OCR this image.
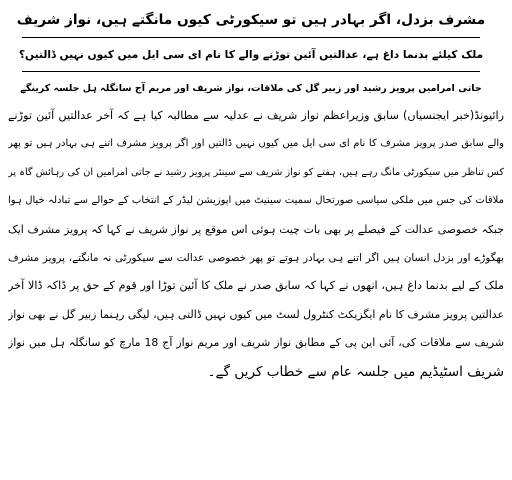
مشرف بزدل، اگر بہادر ہیں تو سیکورٹی کیوں مانگتے ہیں، نواز شریف
ملک کیلئے بدنما داغ ہے، عدالتیں آئین توڑنے والے کا نام ای سی ایل میں کیوں نہیں ڈالتیں؟
جاتی امرامیں پرویز رشید اور زبیر گل کی ملاقات، نواز شریف اور مریم آج سانگلہ ہل جلسہ کرینگے
رائیونڈ(خبر ایجنسیاں) سابق وزیراعظم نواز شریف نے عدلیہ سے مطالبہ کیا ہے کہ آخر عدالتیں آئین توڑنے
والے سابق صدر پرویز مشرف کا نام ای سی ایل میں کیوں نہیں ڈالتیں اور اگر پرویز مشرف اتنے ہی بہادر ہیں تو پھر
کس تناظر میں سیکورٹی مانگ رہے ہیں، ہفتے کو نواز شریف سے سینئر پرویز رشید نے جاتی امرامیں ان کی رہائش گاہ پر
ملاقات کی جس میں ملکی سیاسی صورتحال سمیت سینیٹ میں اپوزیشن لیڈر کے انتخاب کے حوالے سے تبادلہ خیال ہوا
جبکہ خصوصی عدالت کے فیصلے پر بھی بات چیت ہوئی اس موقع پر نواز شریف نے کہا کہ پرویز مشرف ایک
بھگوڑے اور بزدل انسان ہیں اگر اتنے ہی بہادر ہوتے تو پھر خصوصی عدالت سے سیکورٹی نہ مانگتے، پرویز مشرف
ملک کے لیے بدنما داغ ہیں، انھوں نے کہا کہ سابق صدر نے ملک کا آئین توڑا اور قوم کے حق پر ڈاکہ ڈالا آخر
عدالتیں پرویز مشرف کا نام ایگزیکٹ کنٹرول لسٹ میں کیوں نہیں ڈالتی ہیں، لیگی رہنما زبیر گل نے بھی نواز
شریف سے ملاقات کی، آئی این پی کے مطابق نواز شریف اور مریم نواز آج 18 مارچ کو سانگلہ ہل میں نواز
شریف اسٹیڈیم میں جلسہ عام سے خطاب کریں گے۔
